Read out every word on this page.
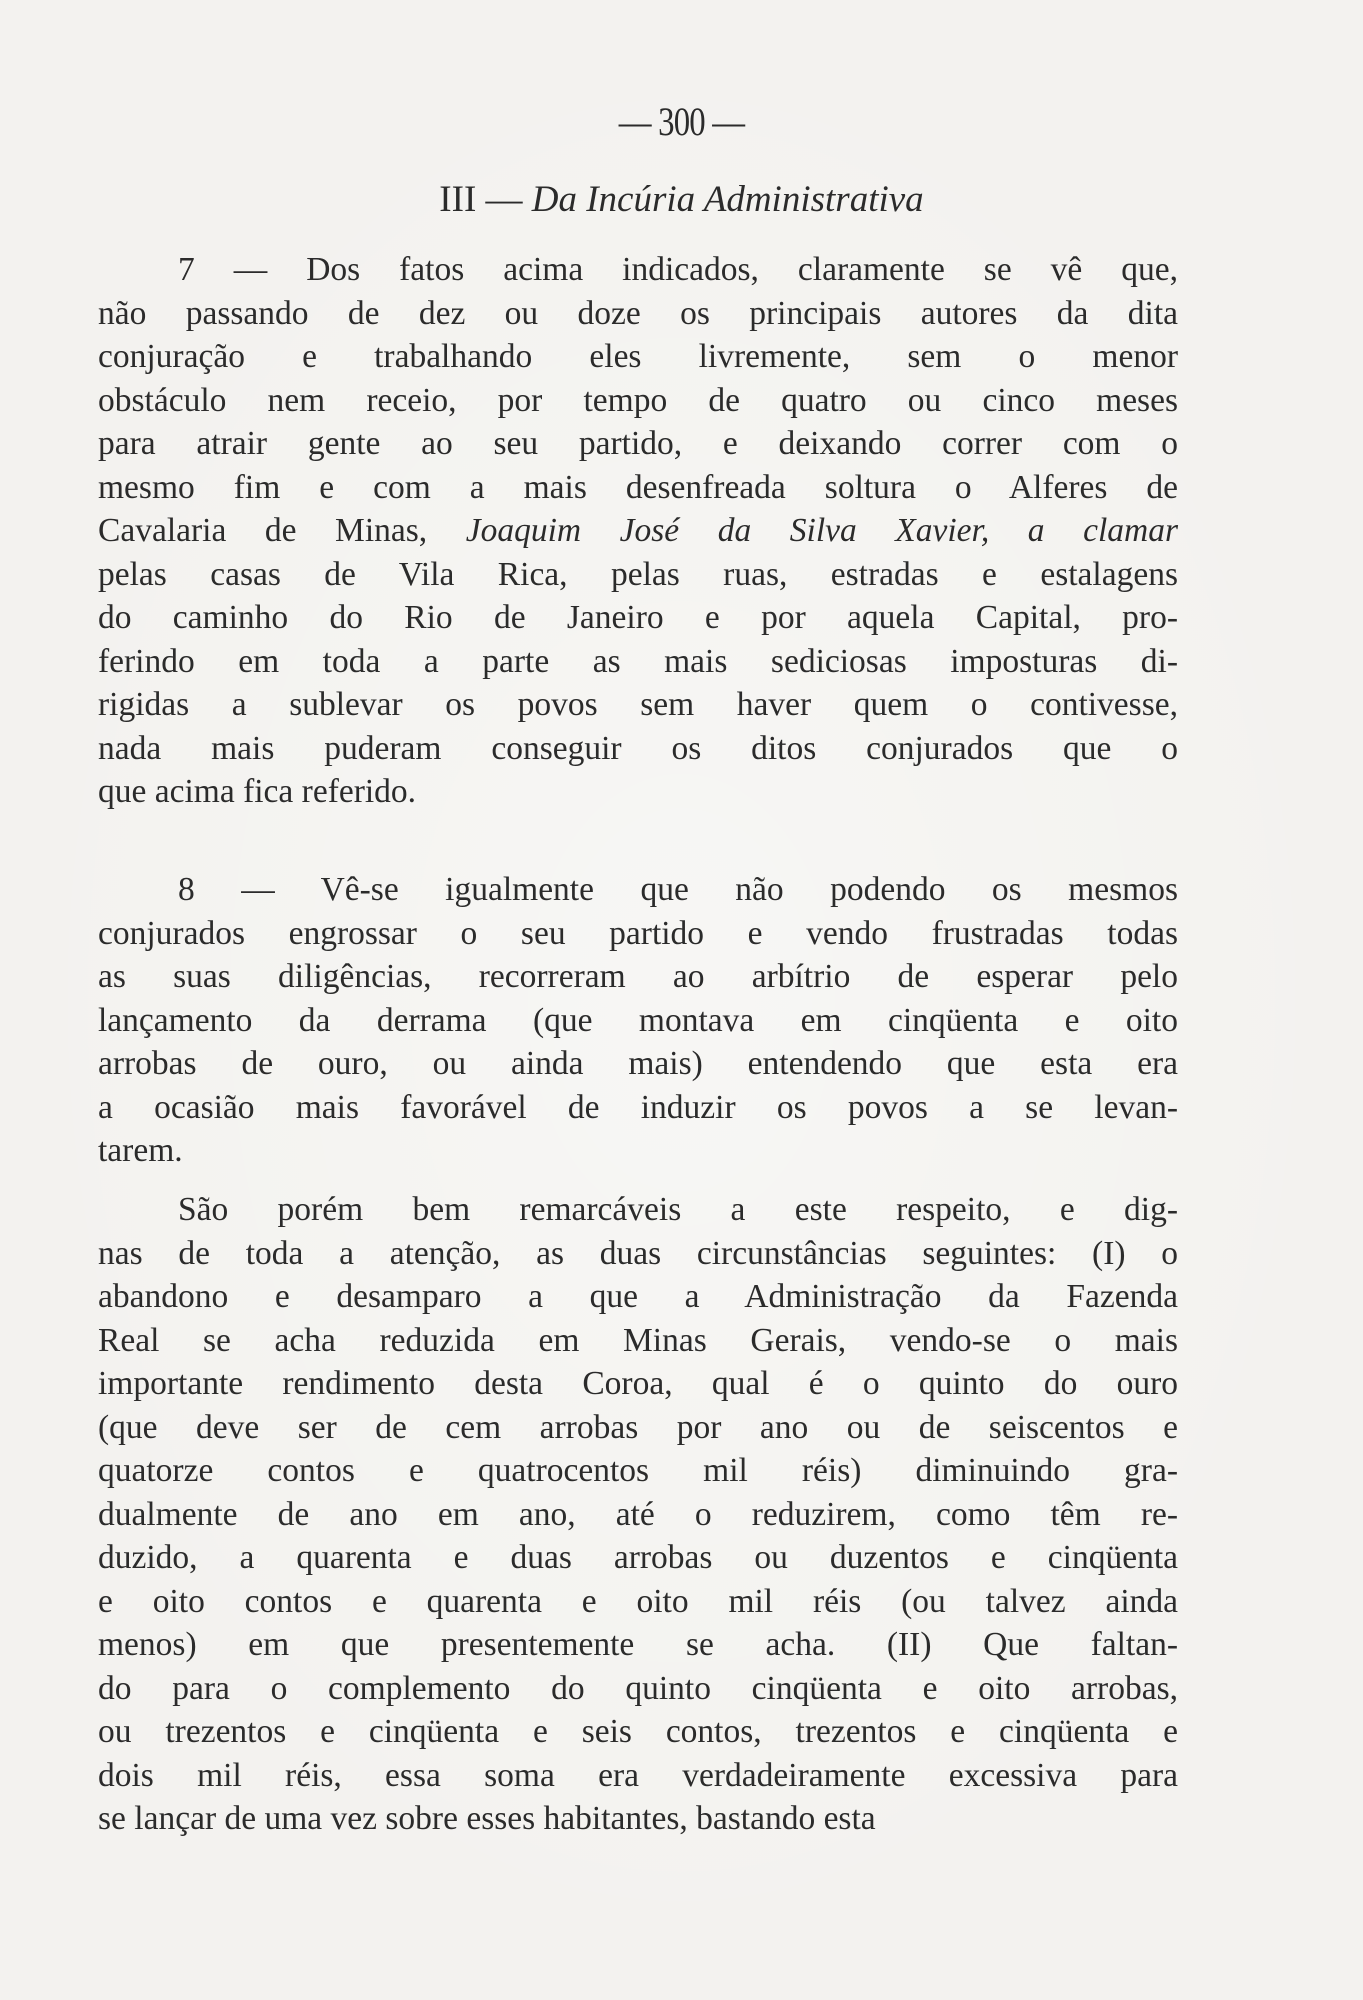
— 300 —
III — Da Incúria Administrativa
7 — Dos fatos acima indicados, claramente se vê que,
não passando de dez ou doze os principais autores da dita
conjuração e trabalhando eles livremente, sem o menor
obstáculo nem receio, por tempo de quatro ou cinco meses
para atrair gente ao seu partido, e deixando correr com o
mesmo fim e com a mais desenfreada soltura o Alferes de
Cavalaria de Minas, Joaquim José da Silva Xavier, a clamar
pelas casas de Vila Rica, pelas ruas, estradas e estalagens
do caminho do Rio de Janeiro e por aquela Capital, pro-
ferindo em toda a parte as mais sediciosas imposturas di-
rigidas a sublevar os povos sem haver quem o contivesse,
nada mais puderam conseguir os ditos conjurados que o
que acima fica referido.
8 — Vê-se igualmente que não podendo os mesmos
conjurados engrossar o seu partido e vendo frustradas todas
as suas diligências, recorreram ao arbítrio de esperar pelo
lançamento da derrama (que montava em cinqüenta e oito
arrobas de ouro, ou ainda mais) entendendo que esta era
a ocasião mais favorável de induzir os povos a se levan-
tarem.
São porém bem remarcáveis a este respeito, e dig-
nas de toda a atenção, as duas circunstâncias seguintes: (I) o
abandono e desamparo a que a Administração da Fazenda
Real se acha reduzida em Minas Gerais, vendo-se o mais
importante rendimento desta Coroa, qual é o quinto do ouro
(que deve ser de cem arrobas por ano ou de seiscentos e
quatorze contos e quatrocentos mil réis) diminuindo gra-
dualmente de ano em ano, até o reduzirem, como têm re-
duzido, a quarenta e duas arrobas ou duzentos e cinqüenta
e oito contos e quarenta e oito mil réis (ou talvez ainda
menos) em que presentemente se acha. (II) Que faltan-
do para o complemento do quinto cinqüenta e oito arrobas,
ou trezentos e cinqüenta e seis contos, trezentos e cinqüenta e
dois mil réis, essa soma era verdadeiramente excessiva para
se lançar de uma vez sobre esses habitantes, bastando esta
